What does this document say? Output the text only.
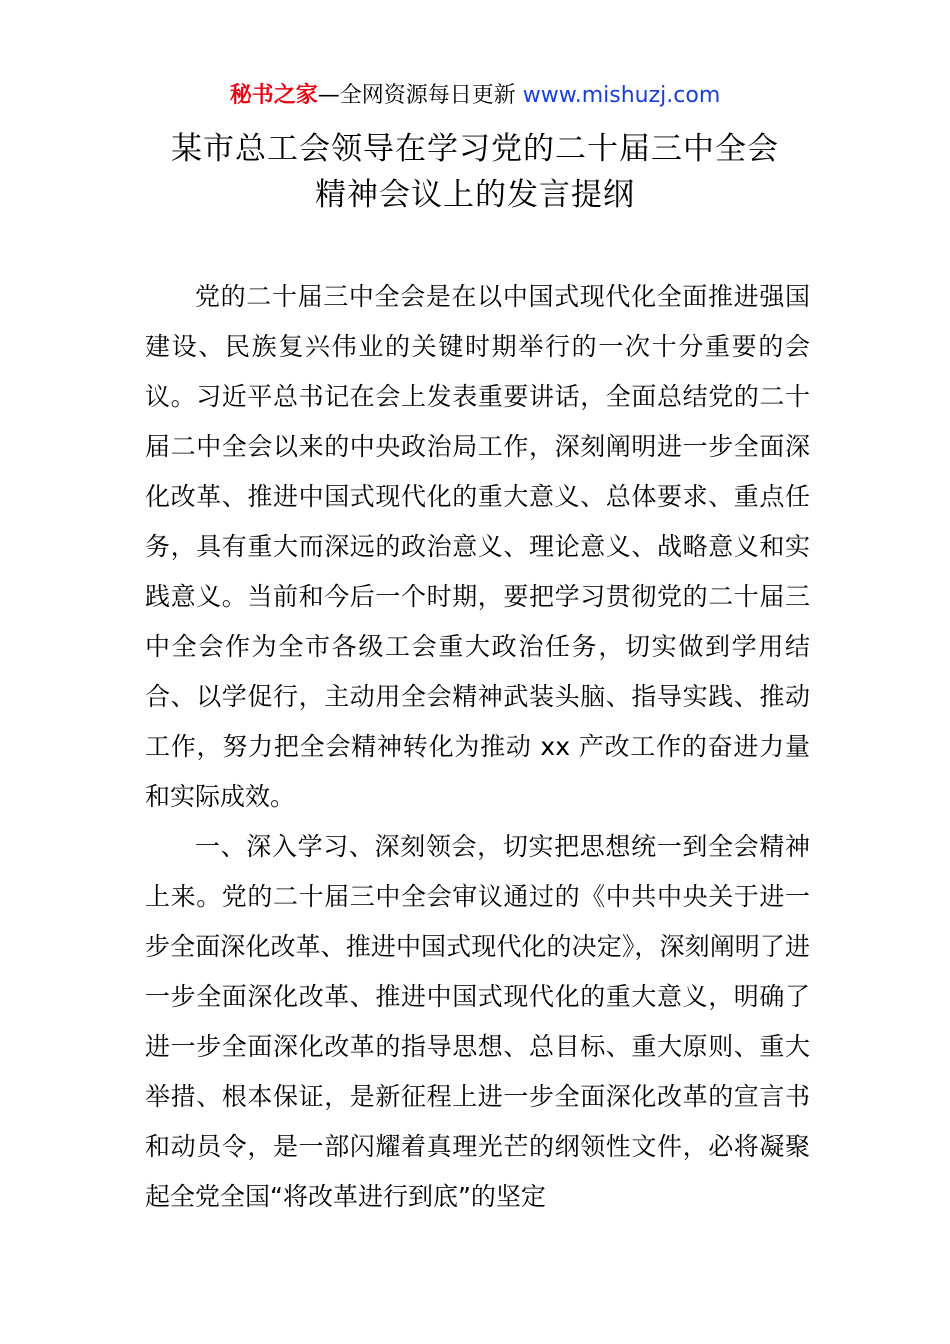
秘书之家—全网资源每日更新 www.mishuzj.com
某市总工会领导在学习党的二十届三中全会
精神会议上的发言提纲

党的二十届三中全会是在以中国式现代化全面推进强国建设、民族复兴伟业的关键时期举行的一次十分重要的会议。习近平总书记在会上发表重要讲话，全面总结党的二十届二中全会以来的中央政治局工作，深刻阐明进一步全面深化改革、推进中国式现代化的重大意义、总体要求、重点任务，具有重大而深远的政治意义、理论意义、战略意义和实践意义。当前和今后一个时期，要把学习贯彻党的二十届三中全会作为全市各级工会重大政治任务，切实做到学用结合、以学促行，主动用全会精神武装头脑、指导实践、推动工作，努力把全会精神转化为推动 xx 产改工作的奋进力量和实际成效。

一、深入学习、深刻领会，切实把思想统一到全会精神上来。党的二十届三中全会审议通过的《中共中央关于进一步全面深化改革、推进中国式现代化的决定》，深刻阐明了进一步全面深化改革、推进中国式现代化的重大意义，明确了进一步全面深化改革的指导思想、总目标、重大原则、重大举措、根本保证，是新征程上进一步全面深化改革的宣言书和动员令，是一部闪耀着真理光芒的纲领性文件，必将凝聚起全党全国“将改革进行到底”的坚定
